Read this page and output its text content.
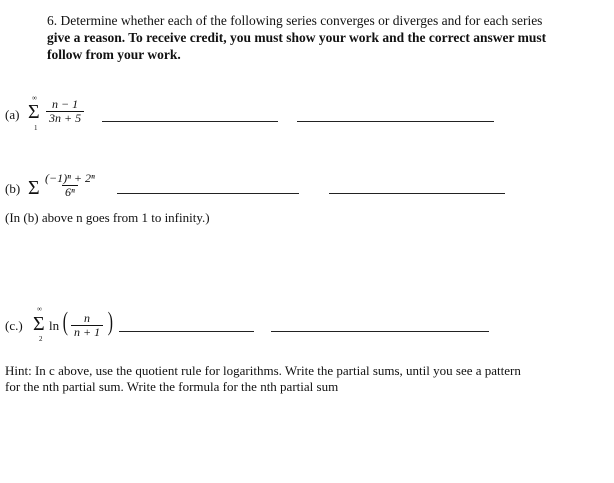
6. Determine whether each of the following series converges or diverges and for each series give a reason. To receive credit, you must show your work and the correct answer must follow from your work.
(a)
∞
Σ
1
$\frac{n - 1}{3n + 5}$
(b) Σ $\frac{\text{(−1)ⁿ + 2ⁿ}}{\text{6ⁿ}}$
(In (b) above n goes from 1 to infinity.)
(c.)
∞
Σ
2
ln ( $\frac{n}{n + 1}$ )
Hint: In c above, use the quotient rule for logarithms. Write the partial sums, until you see a pattern for the nth partial sum. Write the formula for the nth partial sum
